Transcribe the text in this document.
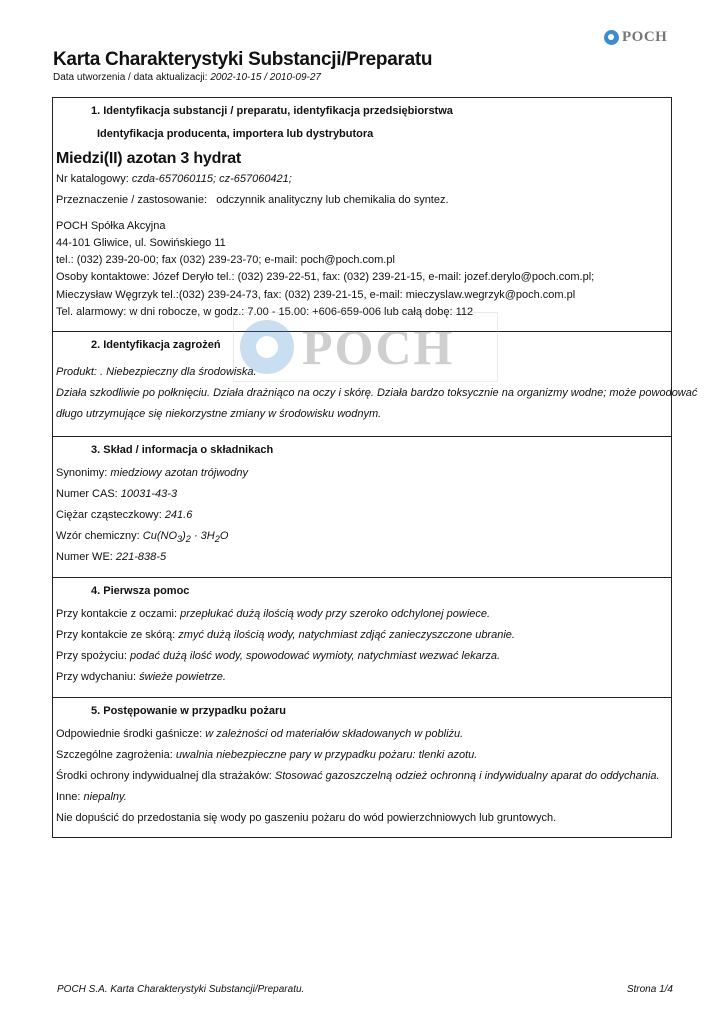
POCH
Karta Charakterystyki Substancji/Preparatu
Data utworzenia / data aktualizacji: 2002-10-15 / 2010-09-27
1. Identyfikacja substancji / preparatu, identyfikacja przedsiębiorstwa
Identyfikacja producenta, importera lub dystrybutora
Miedzi(II) azotan 3 hydrat
Nr katalogowy: czda-657060115; cz-657060421;
Przeznaczenie / zastosowanie: odczynnik analityczny lub chemikalia do syntez.
POCH Spółka Akcyjna
44-101 Gliwice, ul. Sowińskiego 11
tel.: (032) 239-20-00; fax (032) 239-23-70; e-mail: poch@poch.com.pl
Osoby kontaktowe: Józef Deryło tel.: (032) 239-22-51, fax: (032) 239-21-15, e-mail: jozef.derylo@poch.com.pl;
Mieczysław Węgrzyk tel.:(032) 239-24-73, fax: (032) 239-21-15, e-mail: mieczyslaw.wegrzyk@poch.com.pl
Tel. alarmowy: w dni robocze, w godz.: 7.00 - 15.00: +606-659-006 lub całą dobę: 112
2. Identyfikacja zagrożeń
Produkt: . Niebezpieczny dla środowiska.
Działa szkodliwie po połknięciu. Działa drażniąco na oczy i skórę. Działa bardzo toksycznie na organizmy wodne; może powodować
długo utrzymujące się niekorzystne zmiany w środowisku wodnym.
3. Skład / informacja o składnikach
Synonimy: miedziowy azotan trójwodny
Numer CAS: 10031-43-3
Ciężar cząsteczkowy: 241.6
Wzór chemiczny: $Cu(NO_3)_2 \cdot 3H_2O$
Numer WE: 221-838-5
4. Pierwsza pomoc
Przy kontakcie z oczami: przepłukać dużą ilością wody przy szeroko odchylonej powiece.
Przy kontakcie ze skórą: zmyć dużą ilością wody, natychmiast zdjąć zanieczyszczone ubranie.
Przy spożyciu: podać dużą ilość wody, spowodować wymioty, natychmiast wezwać lekarza.
Przy wdychaniu: świeże powietrze.
5. Postępowanie w przypadku pożaru
Odpowiednie środki gaśnicze: w zależności od materiałów składowanych w pobliżu.
Szczególne zagrożenia: uwalnia niebezpieczne pary w przypadku pożaru: tlenki azotu.
Środki ochrony indywidualnej dla strażaków: Stosować gazoszczelną odzież ochronną i indywidualny aparat do oddychania.
Inne: niepalny.
Nie dopuścić do przedostania się wody po gaszeniu pożaru do wód powierzchniowych lub gruntowych.
POCH
POCH S.A. Karta Charakterystyki Substancji/Preparatu.	Strona 1/4
